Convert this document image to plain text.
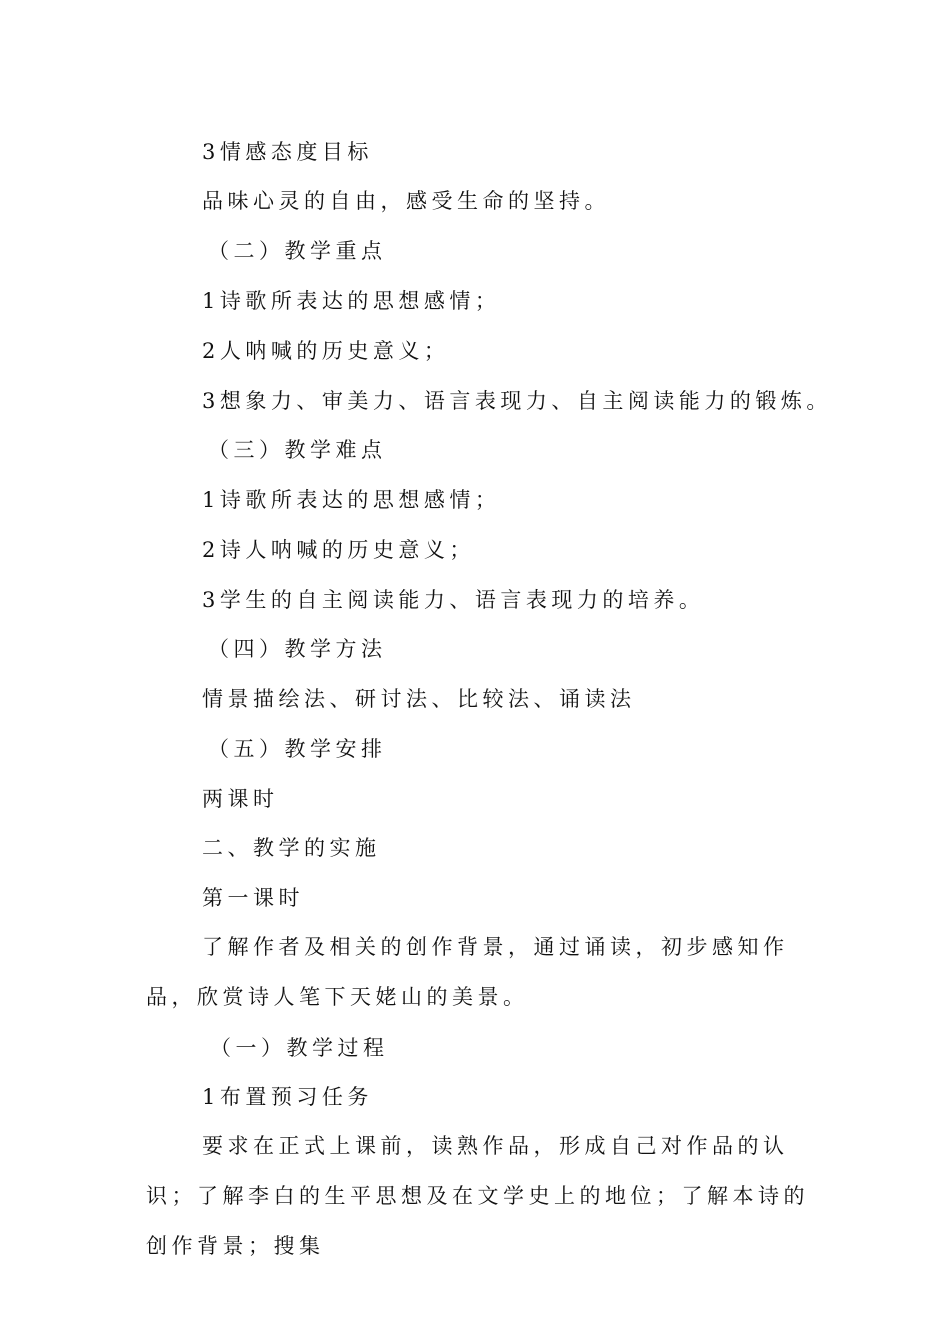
3情感态度目标
品味心灵的自由，感受生命的坚持。
（二）教学重点
1诗歌所表达的思想感情；
2人呐喊的历史意义；
3想象力、审美力、语言表现力、自主阅读能力的锻炼。
（三）教学难点
1诗歌所表达的思想感情；
2诗人呐喊的历史意义；
3学生的自主阅读能力、语言表现力的培养。
（四）教学方法
情景描绘法、研讨法、比较法、诵读法
（五）教学安排
两课时
二、教学的实施
第一课时
了解作者及相关的创作背景，通过诵读，初步感知作品，欣赏诗人笔下天姥山的美景。
（一）教学过程
1布置预习任务
要求在正式上课前，读熟作品，形成自己对作品的认识；了解李白的生平思想及在文学史上的地位；了解本诗的创作背景；搜集
